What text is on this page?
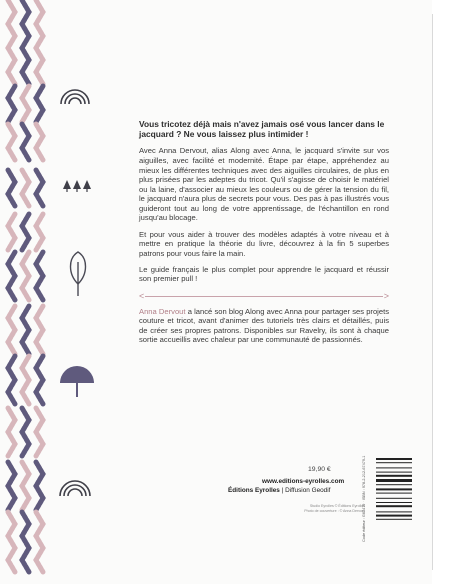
Vous tricotez déjà mais n'avez jamais osé vous lancer dans le jacquard ? Ne vous laissez plus intimider !

Avec Anna Dervout, alias Along avec Anna, le jacquard s'invite sur vos aiguilles, avec facilité et modernité. Étape par étape, appréhendez au mieux les différentes techniques avec des aiguilles circulaires, de plus en plus prisées par les adeptes du tricot. Qu'il s'agisse de choisir le matériel ou la laine, d'associer au mieux les couleurs ou de gérer la tension du fil, le jacquard n'aura plus de secrets pour vous. Des pas à pas illustrés vous guideront tout au long de votre apprentissage, de l'échantillon en rond jusqu'au blocage.

Et pour vous aider à trouver des modèles adaptés à votre niveau et à mettre en pratique la théorie du livre, découvrez à la fin 5 superbes patrons pour vous faire la main.

Le guide français le plus complet pour apprendre le jacquard et réussir son premier pull !

<	>

Anna Dervout a lancé son blog Along avec Anna pour partager ses projets couture et tricot, avant d'animer des tutoriels très clairs et détaillés, puis de créer ses propres patrons. Disponibles sur Ravelry, ils sont à chaque sortie accueillis avec chaleur par une communauté de passionnés.

19,90 €
www.editions-eyrolles.com
Éditions Eyrolles | Diffusion Geodif
Studio Eyrolles © Éditions Eyrolles
Photo de couverture : © Anna Dervout
Code éditeur : G67479 · ISBN : 978-2-212-67479-1
